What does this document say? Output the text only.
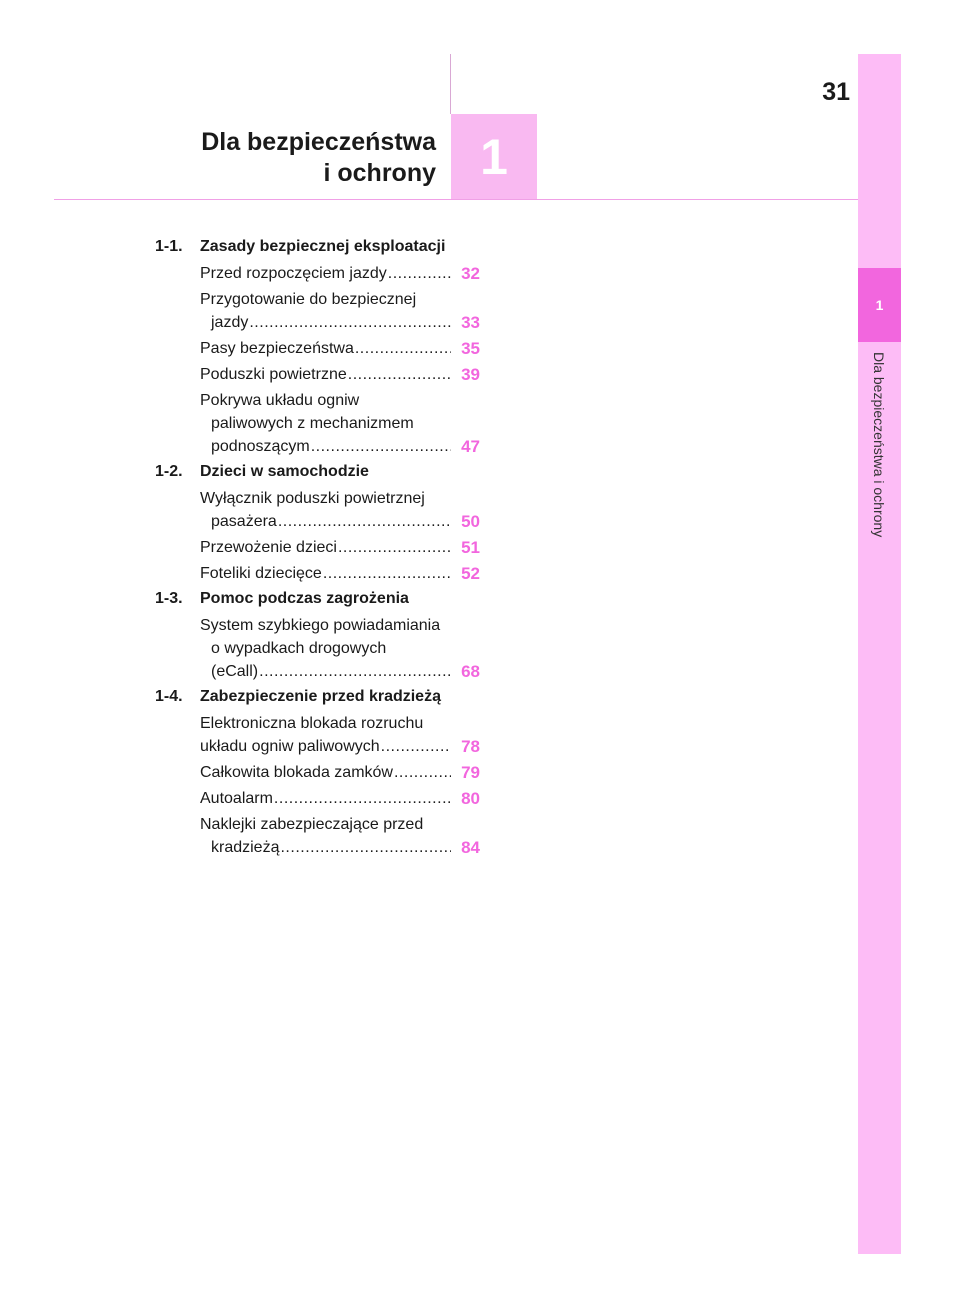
31
Dla bezpieczeństwa
i ochrony 1
1
Dla bezpieczeństwa i ochrony
1-1.	Zasady bezpiecznej eksploatacji
Przed rozpoczęciem jazdy .....	32
Przygotowanie do bezpiecznej
jazdy .....	33
Pasy bezpieczeństwa .....	35
Poduszki powietrzne .....	39
Pokrywa układu ogniw
paliwowych z mechanizmem
podnoszącym .....	47
1-2.	Dzieci w samochodzie
Wyłącznik poduszki powietrznej
pasażera .....	50
Przewożenie dzieci .....	51
Foteliki dziecięce .....	52
1-3.	Pomoc podczas zagrożenia
System szybkiego powiadamiania
o wypadkach drogowych
(eCall) .....	68
1-4.	Zabezpieczenie przed kradzieżą
Elektroniczna blokada rozruchu
układu ogniw paliwowych .....	78
Całkowita blokada zamków .....	79
Autoalarm .....	80
Naklejki zabezpieczające przed
kradzieżą .....	84
